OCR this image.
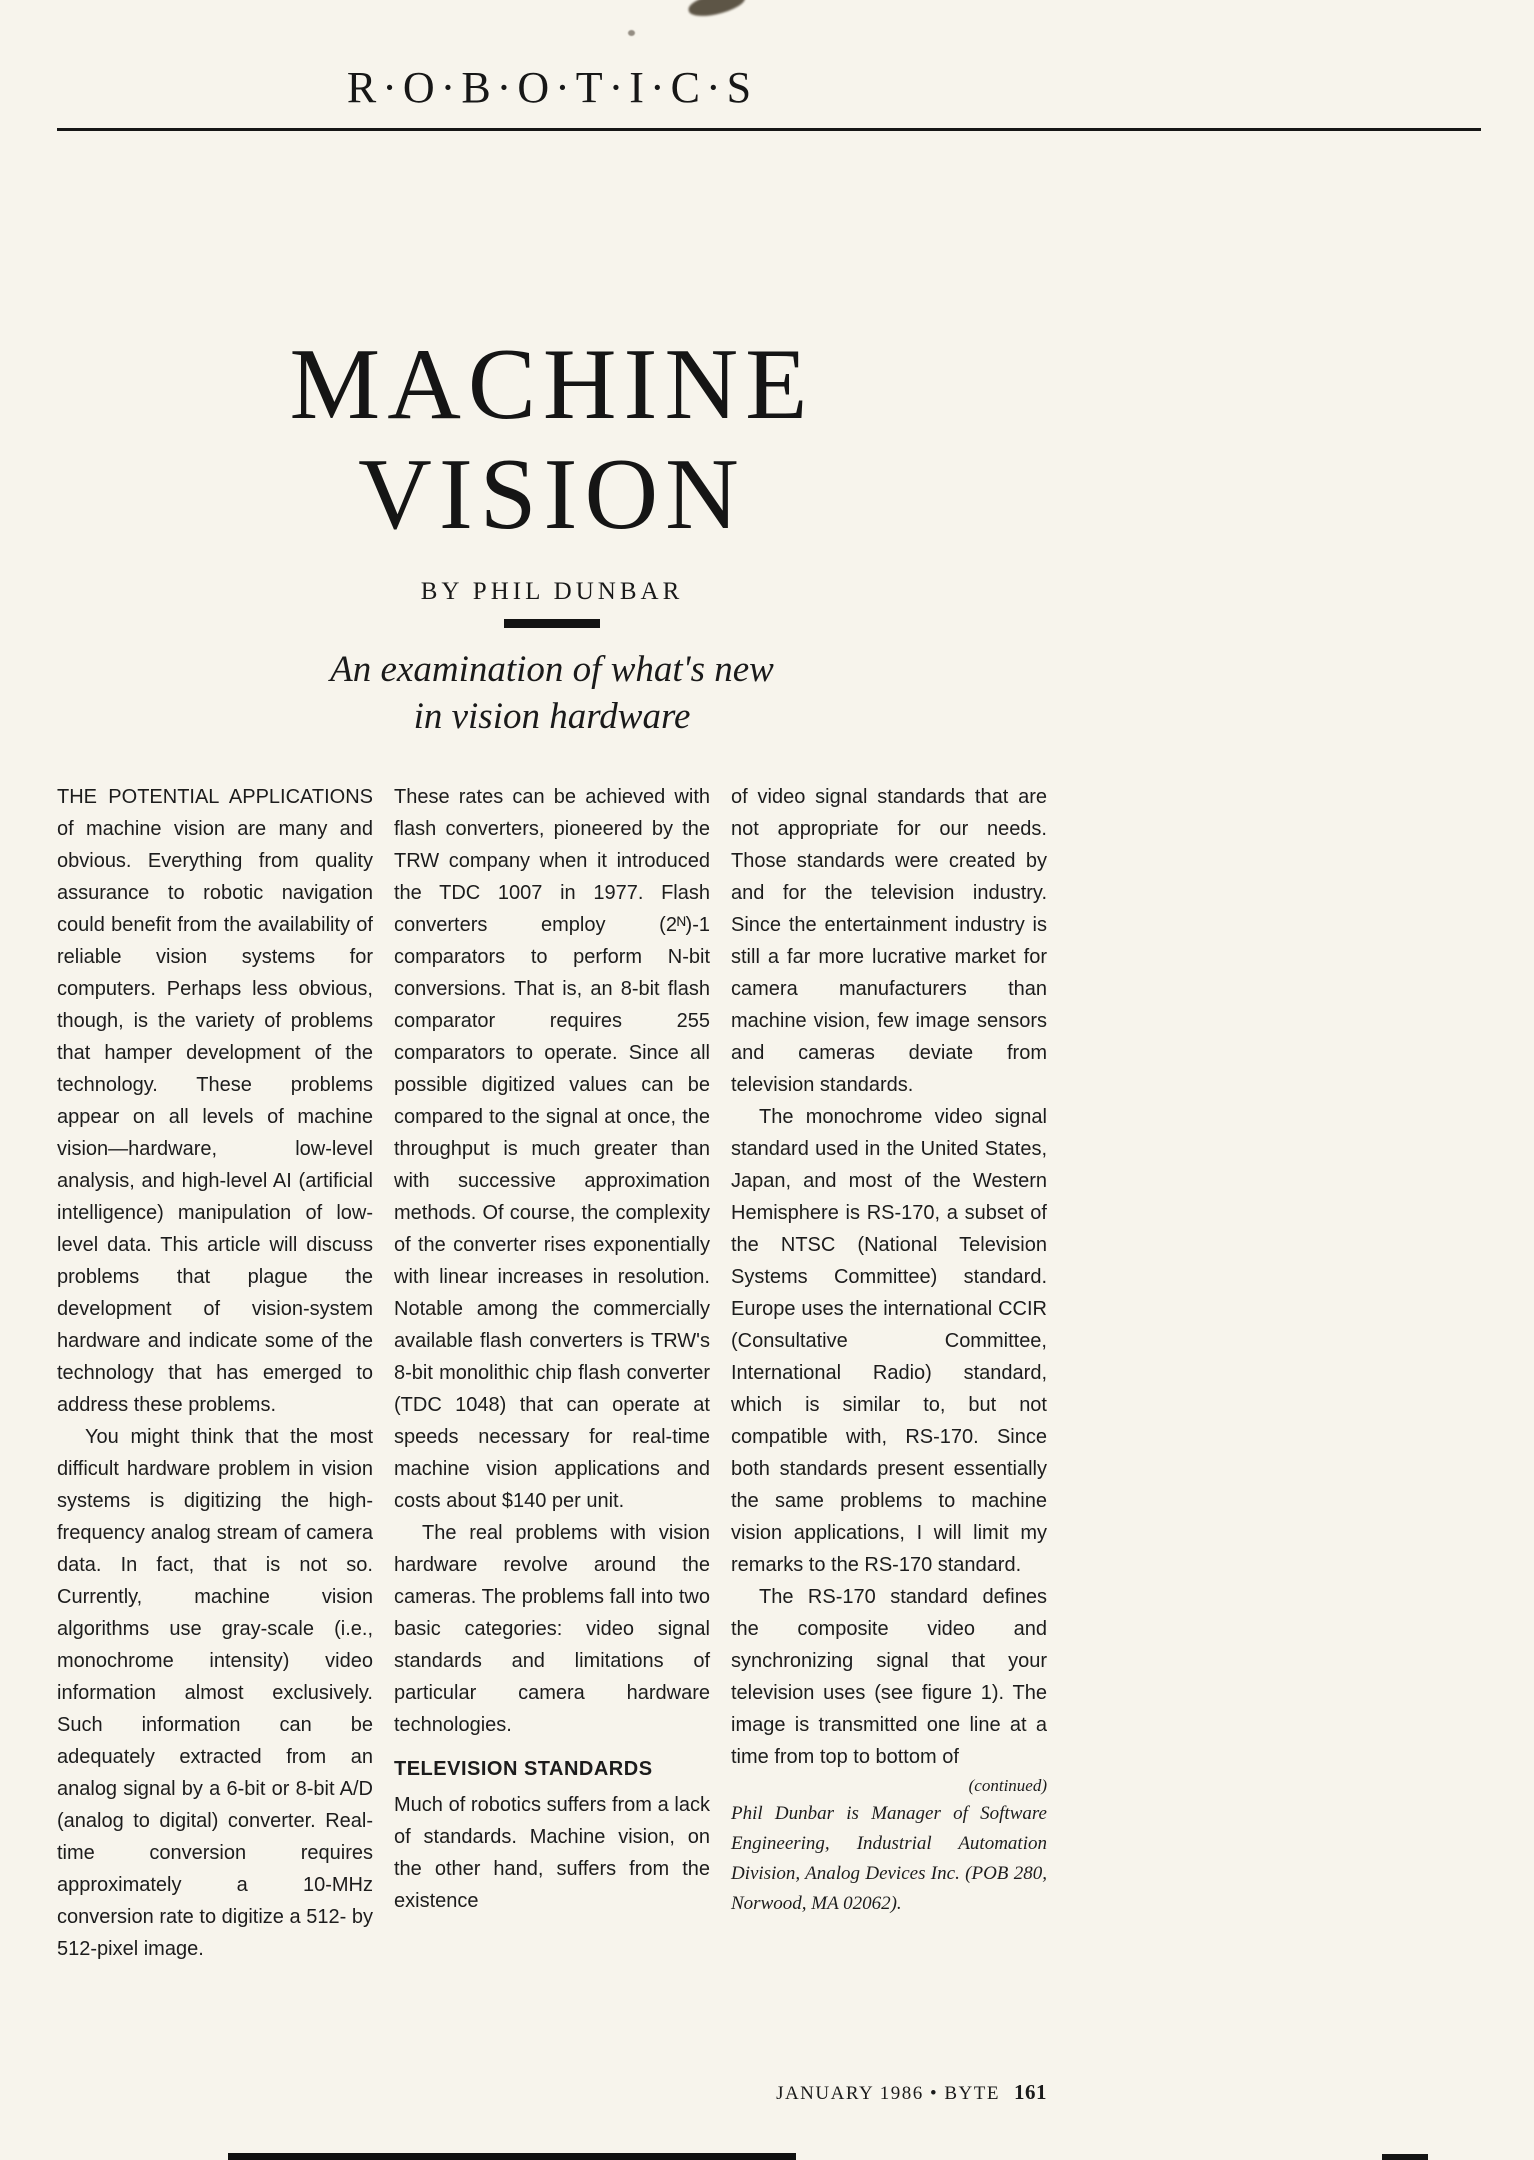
R·O·B·O·T·I·C·S
MACHINE
VISION
BY PHIL DUNBAR
An examination of what's new
in vision hardware

THE POTENTIAL APPLICATIONS of machine vision are many and obvious. Everything from quality assurance to robotic navigation could benefit from the availability of reliable vision systems for computers. Perhaps less obvious, though, is the variety of problems that hamper development of the technology. These problems appear on all levels of machine vision—hardware, low-level analysis, and high-level AI (artificial intelligence) manipulation of low-level data. This article will discuss problems that plague the development of vision-system hardware and indicate some of the technology that has emerged to address these problems.

You might think that the most difficult hardware problem in vision systems is digitizing the high-frequency analog stream of camera data. In fact, that is not so. Currently, machine vision algorithms use gray-scale (i.e., monochrome intensity) video information almost exclusively. Such information can be adequately extracted from an analog signal by a 6-bit or 8-bit A/D (analog to digital) converter. Real-time conversion requires approximately a 10-MHz conversion rate to digitize a 512- by 512-pixel image.

These rates can be achieved with flash converters, pioneered by the TRW company when it introduced the TDC 1007 in 1977. Flash converters employ (2ᴺ)-1 comparators to perform N-bit conversions. That is, an 8-bit flash comparator requires 255 comparators to operate. Since all possible digitized values can be compared to the signal at once, the throughput is much greater than with successive approximation methods. Of course, the complexity of the converter rises exponentially with linear increases in resolution. Notable among the commercially available flash converters is TRW's 8-bit monolithic chip flash converter (TDC 1048) that can operate at speeds necessary for real-time machine vision applications and costs about $140 per unit.

The real problems with vision hardware revolve around the cameras. The problems fall into two basic categories: video signal standards and limitations of particular camera hardware technologies.

TELEVISION STANDARDS

Much of robotics suffers from a lack of standards. Machine vision, on the other hand, suffers from the existence

of video signal standards that are not appropriate for our needs. Those standards were created by and for the television industry. Since the entertainment industry is still a far more lucrative market for camera manufacturers than machine vision, few image sensors and cameras deviate from television standards.

The monochrome video signal standard used in the United States, Japan, and most of the Western Hemisphere is RS-170, a subset of the NTSC (National Television Systems Committee) standard. Europe uses the international CCIR (Consultative Committee, International Radio) standard, which is similar to, but not compatible with, RS-170. Since both standards present essentially the same problems to machine vision applications, I will limit my remarks to the RS-170 standard.

The RS-170 standard defines the composite video and synchronizing signal that your television uses (see figure 1). The image is transmitted one line at a time from top to bottom of

(continued)

Phil Dunbar is Manager of Software Engineering, Industrial Automation Division, Analog Devices Inc. (POB 280, Norwood, MA 02062).

JANUARY 1986 • BYTE 161
